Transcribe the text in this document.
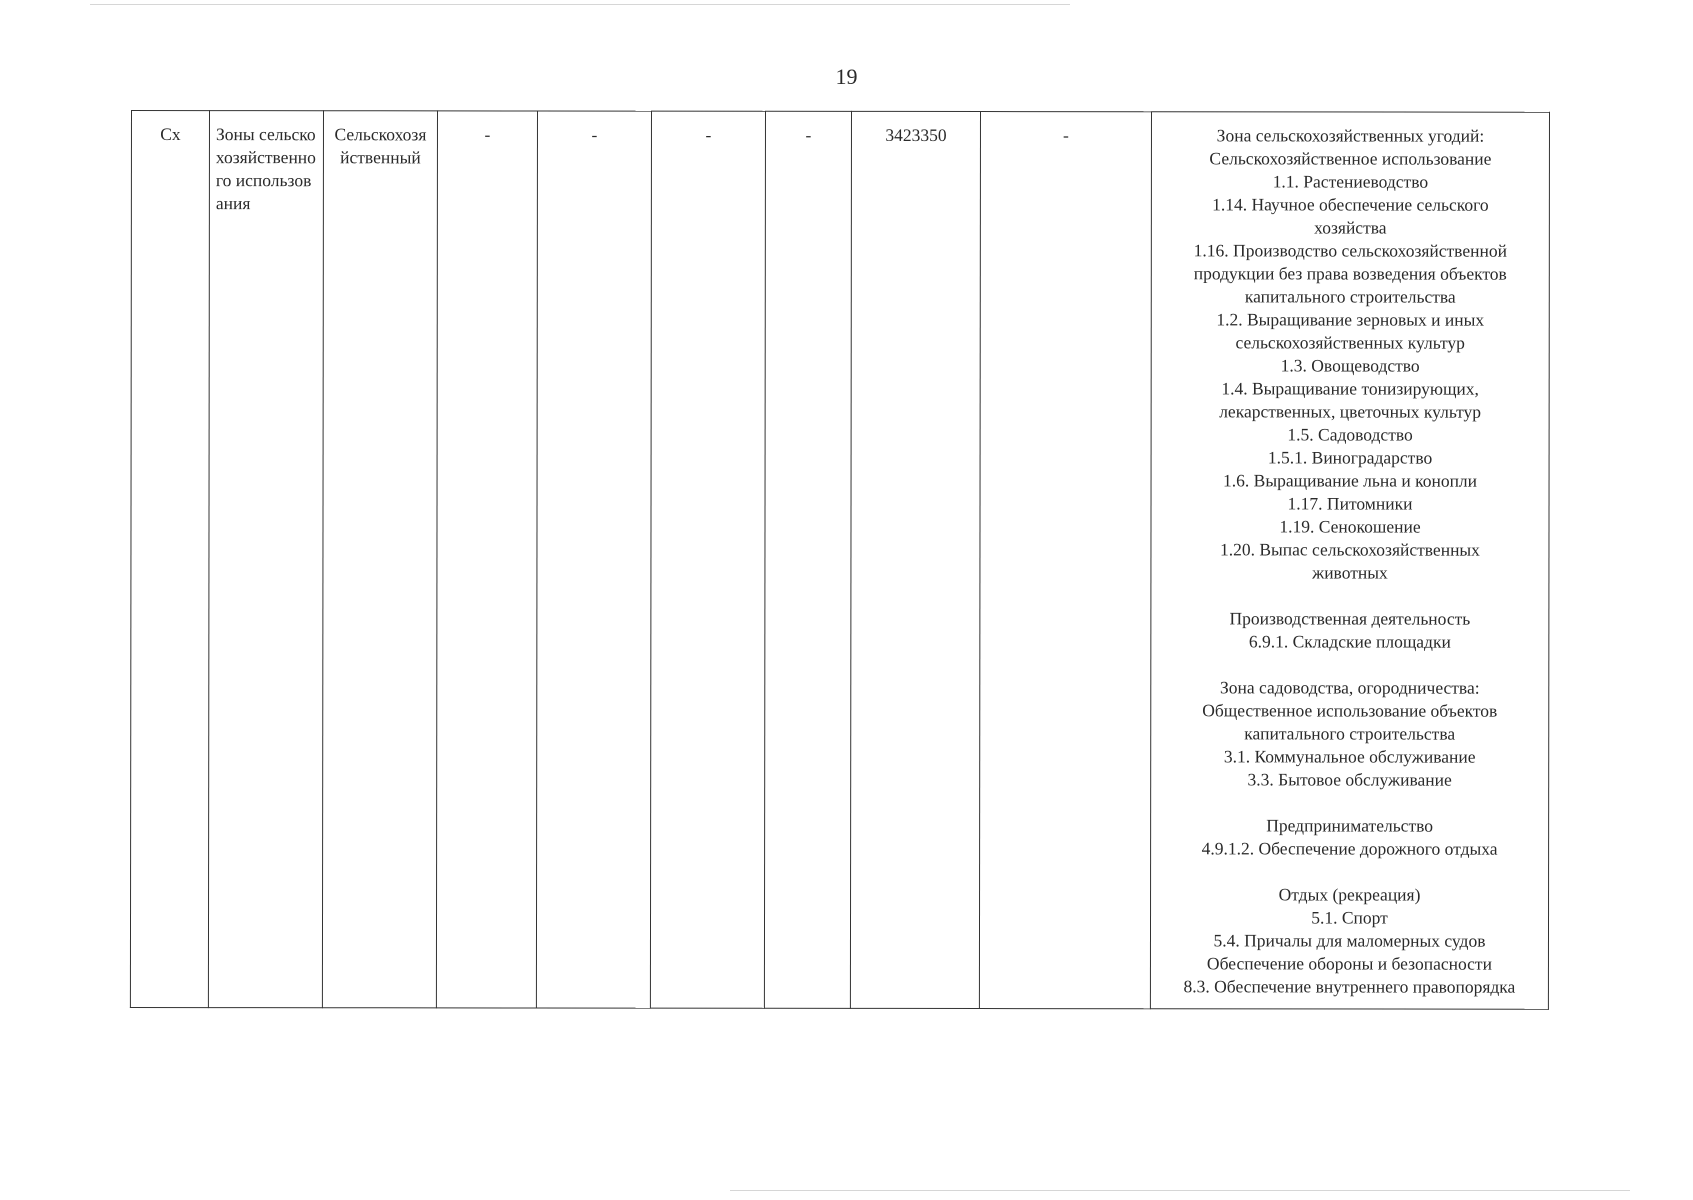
19
Сх	Зоны сельскохозяйственного использования	Сельскохозяйственный	-	-	-	-	3423350	-	Зона сельскохозяйственных угодий:
Сельскохозяйственное использование
1.1. Растениеводство
1.14. Научное обеспечение сельского
хозяйства
1.16. Производство сельскохозяйственной
продукции без права возведения объектов
капитального строительства
1.2. Выращивание зерновых и иных
сельскохозяйственных культур
1.3. Овощеводство
1.4. Выращивание тонизирующих,
лекарственных, цветочных культур
1.5. Садоводство
1.5.1. Виноградарство
1.6. Выращивание льна и конопли
1.17. Питомники
1.19. Сенокошение
1.20. Выпас сельскохозяйственных
животных
Производственная деятельность
6.9.1. Складские площадки
Зона садоводства, огородничества:
Общественное использование объектов
капитального строительства
3.1. Коммунальное обслуживание
3.3. Бытовое обслуживание
Предпринимательство
4.9.1.2. Обеспечение дорожного отдыха
Отдых (рекреация)
5.1. Спорт
5.4. Причалы для маломерных судов
Обеспечение обороны и безопасности
8.3. Обеспечение внутреннего правопорядка
